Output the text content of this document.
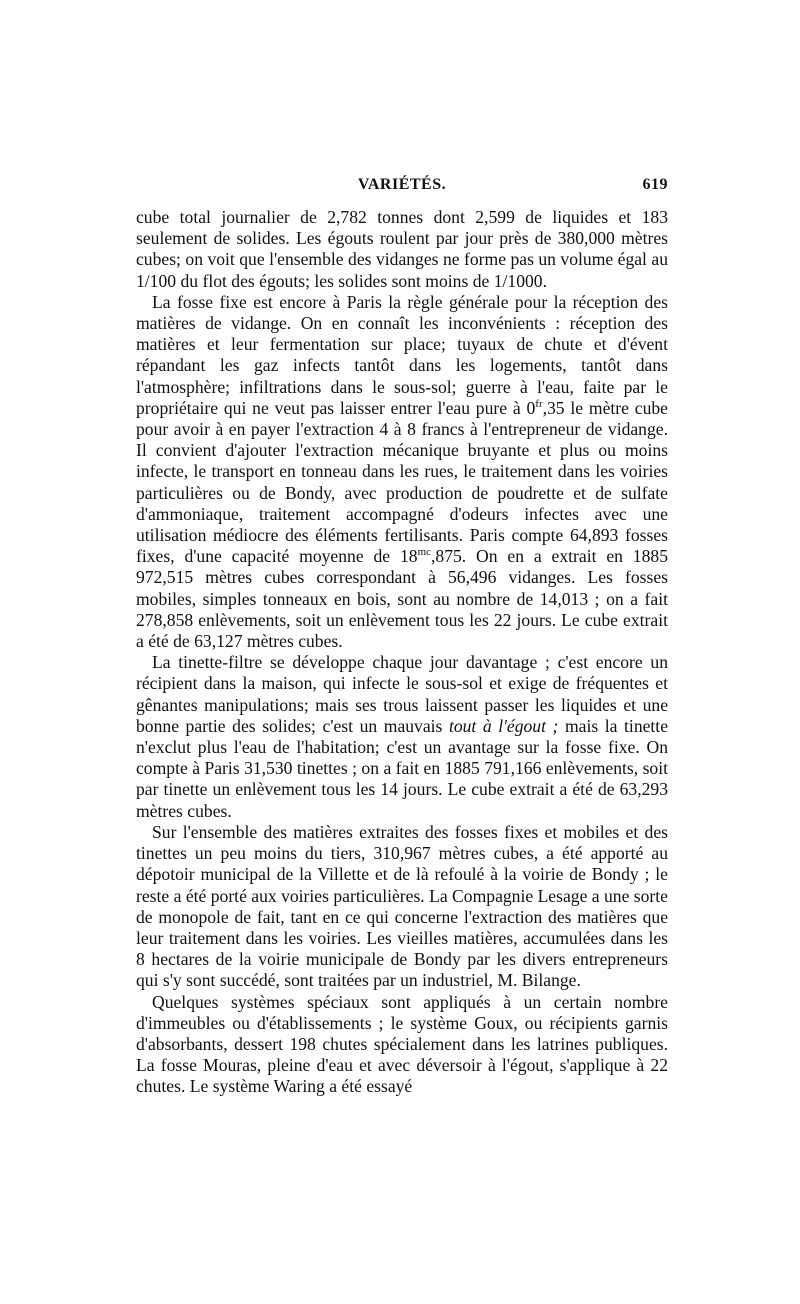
VARIÉTÉS.	619

cube total journalier de 2,782 tonnes dont 2,599 de liquides et 183 seulement de solides. Les égouts roulent par jour près de 380,000 mètres cubes; on voit que l'ensemble des vidanges ne forme pas un volume égal au 1/100 du flot des égouts; les solides sont moins de 1/1000.

La fosse fixe est encore à Paris la règle générale pour la réception des matières de vidange. On en connaît les inconvénients : réception des matières et leur fermentation sur place; tuyaux de chute et d'évent répandant les gaz infects tantôt dans les logements, tantôt dans l'atmosphère; infiltrations dans le sous-sol; guerre à l'eau, faite par le propriétaire qui ne veut pas laisser entrer l'eau pure à $0^{fr},35$ le mètre cube pour avoir à en payer l'extraction 4 à 8 francs à l'entrepreneur de vidange. Il convient d'ajouter l'extraction mécanique bruyante et plus ou moins infecte, le transport en tonneau dans les rues, le traitement dans les voiries particulières ou de Bondy, avec production de poudrette et de sulfate d'ammoniaque, traitement accompagné d'odeurs infectes avec une utilisation médiocre des éléments fertilisants. Paris compte 64,893 fosses fixes, d'une capacité moyenne de $18^{mc},875$. On en a extrait en 1885 972,515 mètres cubes correspondant à 56,496 vidanges. Les fosses mobiles, simples tonneaux en bois, sont au nombre de 14,013 ; on a fait 278,858 enlèvements, soit un enlèvement tous les 22 jours. Le cube extrait a été de 63,127 mètres cubes.

La tinette-filtre se développe chaque jour davantage ; c'est encore un récipient dans la maison, qui infecte le sous-sol et exige de fréquentes et gênantes manipulations; mais ses trous laissent passer les liquides et une bonne partie des solides; c'est un mauvais tout à l'égout ; mais la tinette n'exclut plus l'eau de l'habitation; c'est un avantage sur la fosse fixe. On compte à Paris 31,530 tinettes ; on a fait en 1885 791,166 enlèvements, soit par tinette un enlèvement tous les 14 jours. Le cube extrait a été de 63,293 mètres cubes.

Sur l'ensemble des matières extraites des fosses fixes et mobiles et des tinettes un peu moins du tiers, 310,967 mètres cubes, a été apporté au dépotoir municipal de la Villette et de là refoulé à la voirie de Bondy ; le reste a été porté aux voiries particulières. La Compagnie Lesage a une sorte de monopole de fait, tant en ce qui concerne l'extraction des matières que leur traitement dans les voiries. Les vieilles matières, accumulées dans les 8 hectares de la voirie municipale de Bondy par les divers entrepreneurs qui s'y sont succédé, sont traitées par un industriel, M. Bilange.

Quelques systèmes spéciaux sont appliqués à un certain nombre d'immeubles ou d'établissements ; le système Goux, ou récipients garnis d'absorbants, dessert 198 chutes spécialement dans les latrines publiques. La fosse Mouras, pleine d'eau et avec déversoir à l'égout, s'applique à 22 chutes. Le système Waring a été essayé
